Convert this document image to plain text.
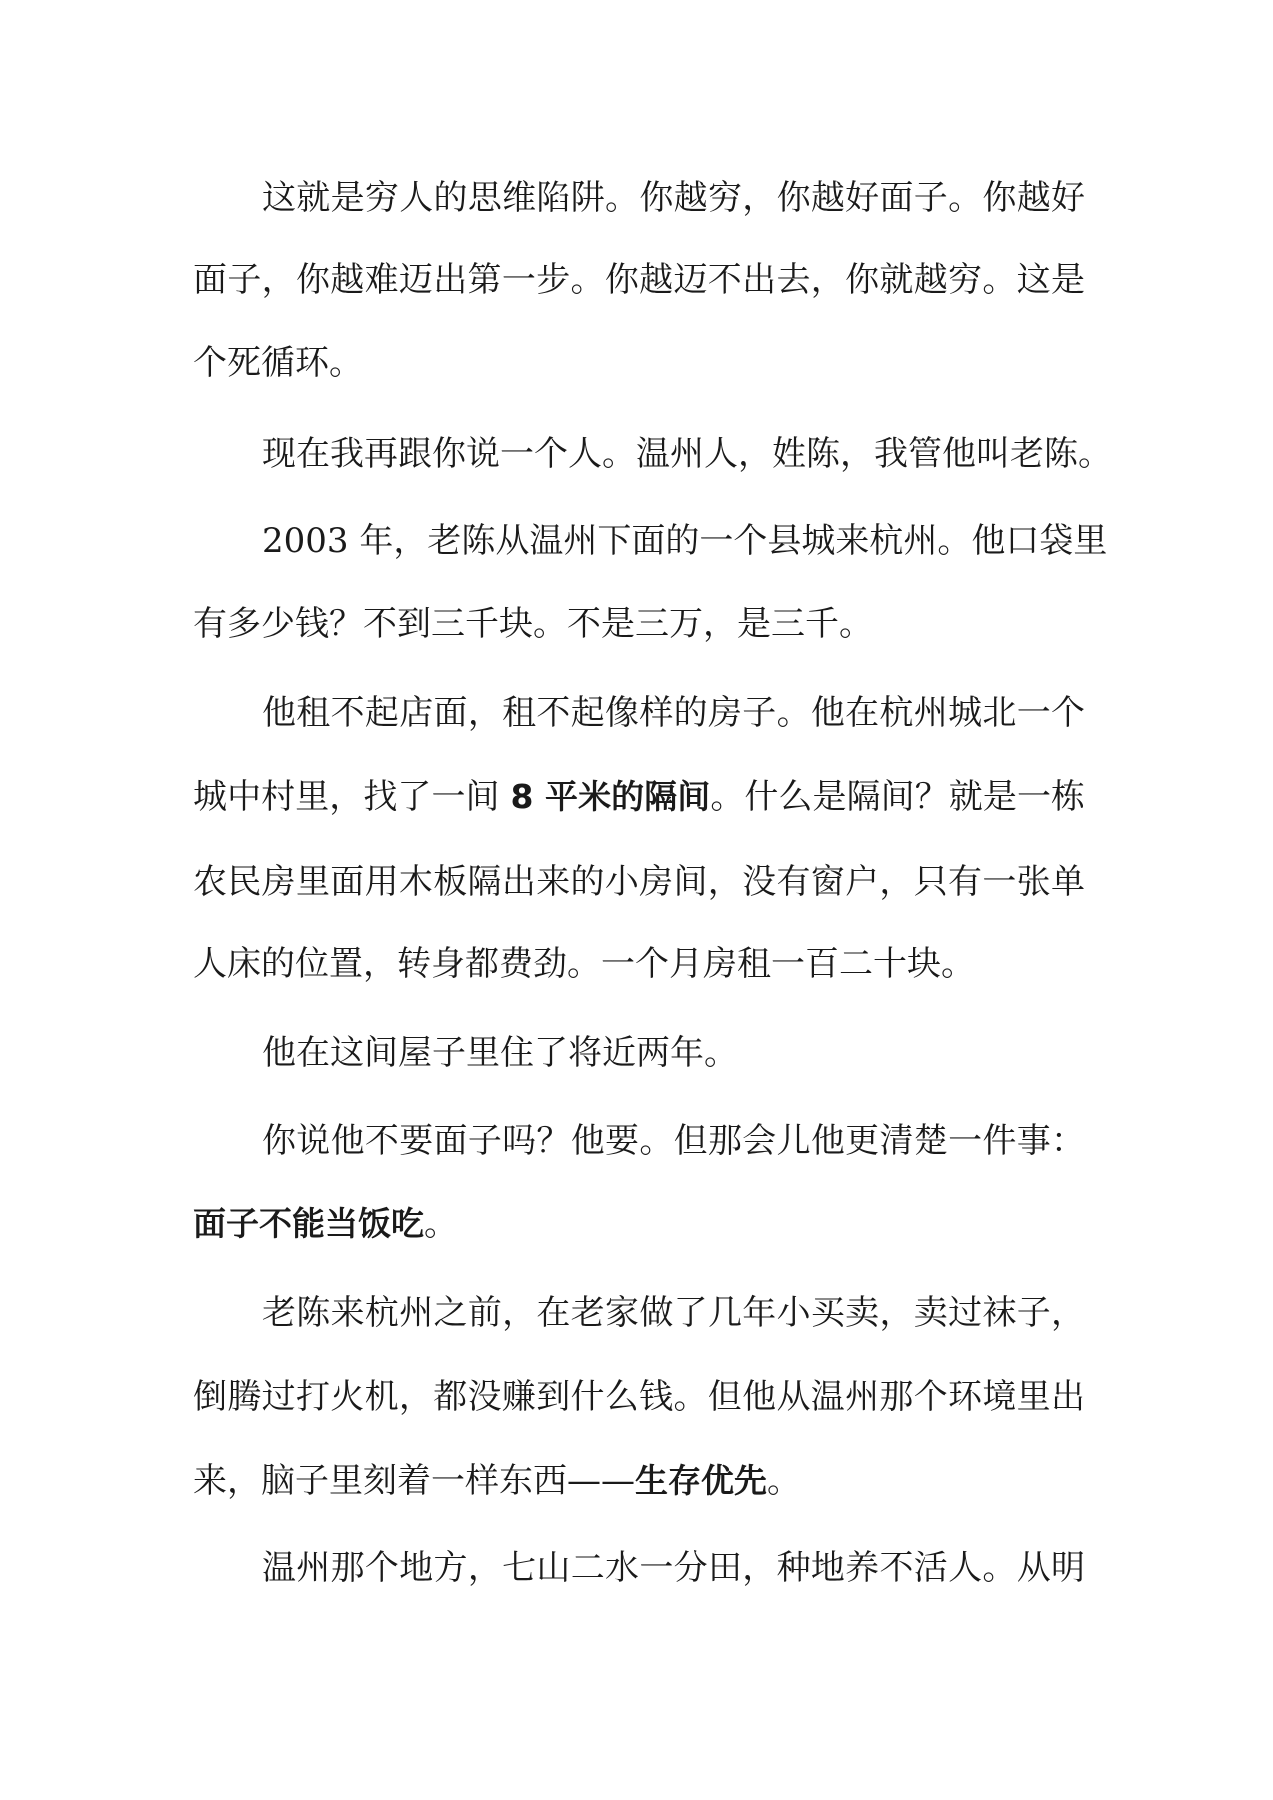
这就是穷人的思维陷阱。你越穷，你越好面子。你越好
面子，你越难迈出第一步。你越迈不出去，你就越穷。这是
个死循环。
现在我再跟你说一个人。温州人，姓陈，我管他叫老陈。
2003 年，老陈从温州下面的一个县城来杭州。他口袋里
有多少钱？不到三千块。不是三万，是三千。
他租不起店面，租不起像样的房子。他在杭州城北一个
城中村里，找了一间 8 平米的隔间。什么是隔间？就是一栋
农民房里面用木板隔出来的小房间，没有窗户，只有一张单
人床的位置，转身都费劲。一个月房租一百二十块。
他在这间屋子里住了将近两年。
你说他不要面子吗？他要。但那会儿他更清楚一件事：
面子不能当饭吃。
老陈来杭州之前，在老家做了几年小买卖，卖过袜子，
倒腾过打火机，都没赚到什么钱。但他从温州那个环境里出
来，脑子里刻着一样东西——生存优先。
温州那个地方，七山二水一分田，种地养不活人。从明
